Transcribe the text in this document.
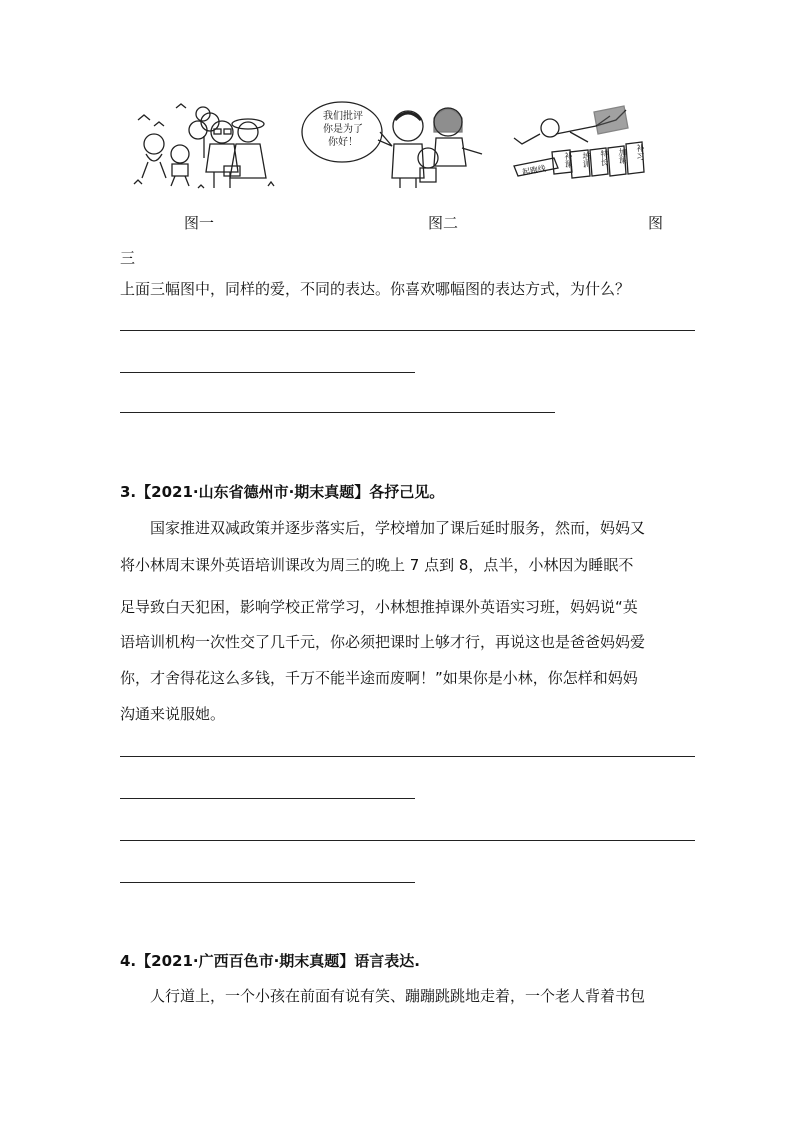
图一
我们批评
你是为了
你好！
图二
起跑线
补习
加课
特长
培训
补课
图
三
上面三幅图中，同样的爱，不同的表达。你喜欢哪幅图的表达方式，为什么？
3.【2021·山东省德州市·期末真题】各抒己见。
国家推进双减政策并逐步落实后，学校增加了课后延时服务，然而，妈妈又
将小林周末课外英语培训课改为周三的晚上 7 点到 8，点半，小林因为睡眠不
足导致白天犯困，影响学校正常学习，小林想推掉课外英语实习班，妈妈说“英
语培训机构一次性交了几千元，你必须把课时上够才行，再说这也是爸爸妈妈爱
你，才舍得花这么多钱，千万不能半途而废啊！”如果你是小林，你怎样和妈妈
沟通来说服她。
4.【2021·广西百色市·期末真题】语言表达.
人行道上，一个小孩在前面有说有笑、蹦蹦跳跳地走着，一个老人背着书包
